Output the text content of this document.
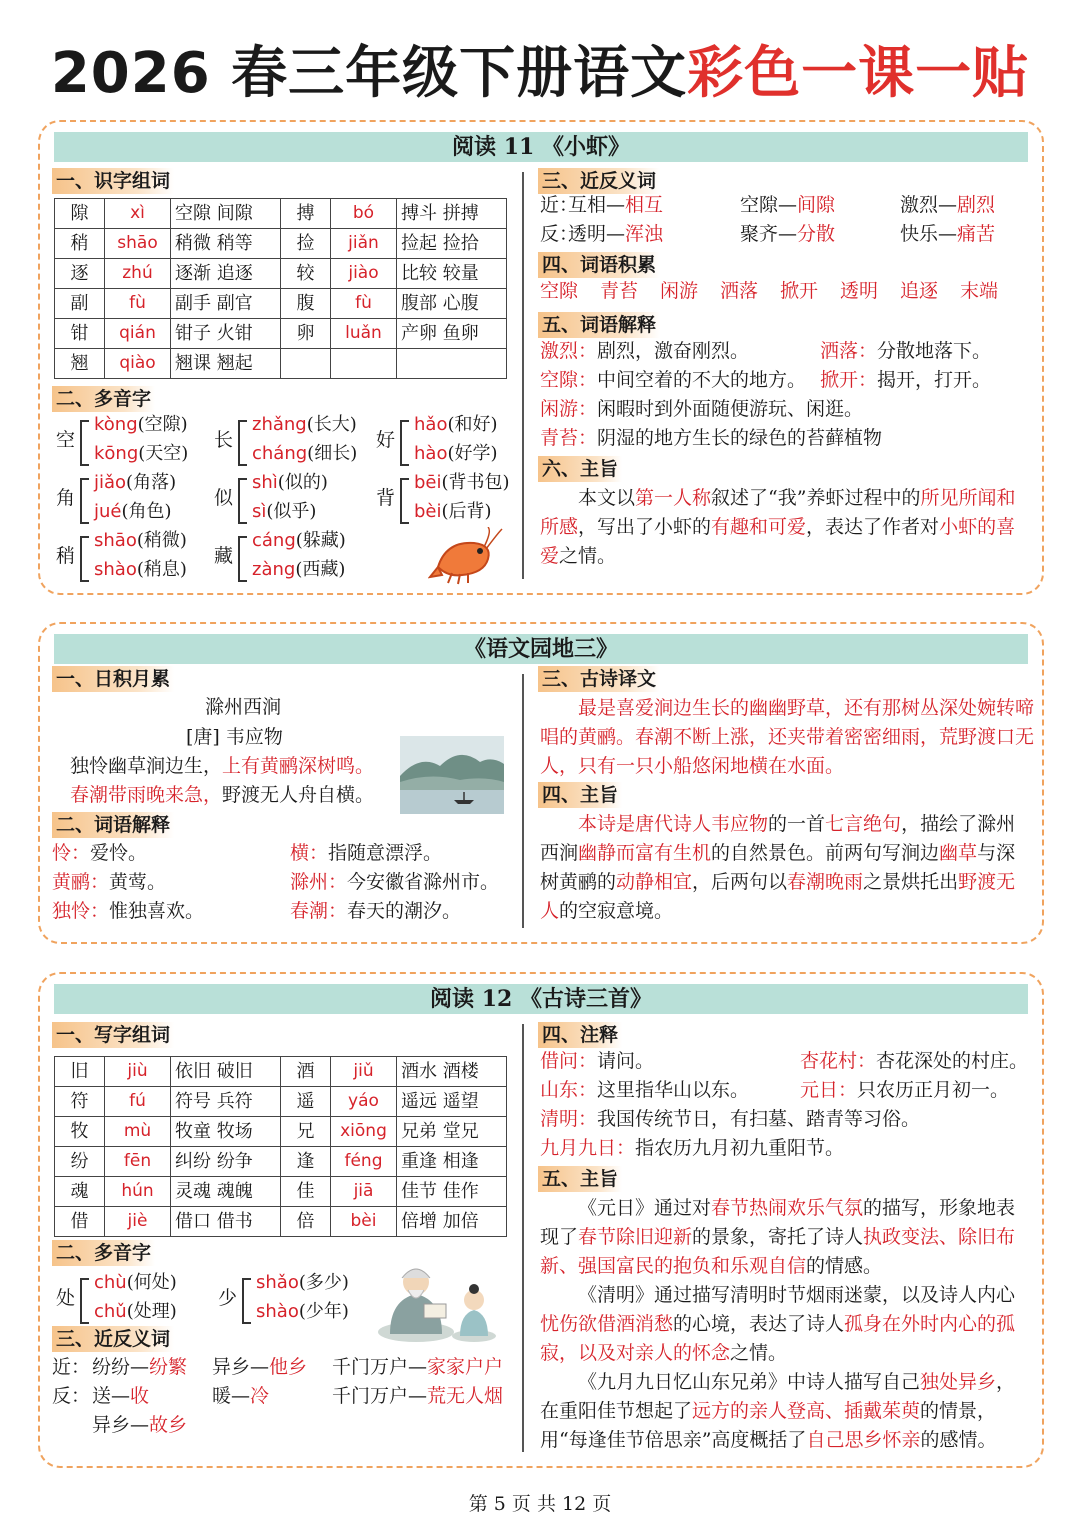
2026 春三年级下册语文彩色一课一贴
阅读 11 《小虾》
一、识字组词
隙	xì	空隙 间隙	搏	bó	搏斗 拼搏
稍	shāo	稍微 稍等	捡	jiǎn	捡起 捡拾
逐	zhú	逐渐 追逐	较	jiào	比较 较量
副	fù	副手 副官	腹	fù	腹部 心腹
钳	qián	钳子 火钳	卵	luǎn	产卵 鱼卵
翘	qiào	翘课 翘起			
二、多音字
空
kòng(空隙)
kōng(天空)
长
zhǎng(长大)
cháng(细长)
好
hǎo(和好)
hào(好学)
角
jiǎo(角落)
jué(角色)
似
shì(似的)
sì(似乎)
背
bēi(背书包)
bèi(后背)
稍
shāo(稍微)
shào(稍息)
藏
cáng(躲藏)
zàng(西藏)
三、近反义词
近：
互相—相互	空隙—间隙	激烈—剧烈
反：
透明—浑浊	聚齐—分散	快乐—痛苦
四、词语积累
空隙 青苔 闲游 洒落 掀开 透明 追逐 末端
五、词语解释
激烈：剧烈，激奋刚烈。	洒落：分散地落下。
空隙：中间空着的不大的地方。 掀开：揭开，打开。
闲游：闲暇时到外面随便游玩、闲逛。
青苔：阴湿的地方生长的绿色的苔藓植物
六、主旨
本文以第一人称叙述了“我”养虾过程中的所见所闻和所感，写出了小虾的有趣和可爱，表达了作者对小虾的喜爱之情。
《语文园地三》
一、日积月累
滁州西涧
[唐] 韦应物
独怜幽草涧边生，上有黄鹂深树鸣。
春潮带雨晚来急，野渡无人舟自横。
二、词语解释
怜：爱怜。	横：指随意漂浮。
黄鹂：黄莺。	滁州：今安徽省滁州市。
独怜：惟独喜欢。	春潮：春天的潮汐。
三、古诗译文
最是喜爱涧边生长的幽幽野草，还有那树丛深处婉转啼唱的黄鹂。春潮不断上涨，还夹带着密密细雨，荒野渡口无人，只有一只小船悠闲地横在水面。
四、主旨
本诗是唐代诗人韦应物的一首七言绝句，描绘了滁州西涧幽静而富有生机的自然景色。前两句写涧边幽草与深树黄鹂的动静相宜，后两句以春潮晚雨之景烘托出野渡无人的空寂意境。
阅读 12 《古诗三首》
一、写字组词
旧	jiù	依旧 破旧	酒	jiǔ	酒水 酒楼
符	fú	符号 兵符	遥	yáo	遥远 遥望
牧	mù	牧童 牧场	兄	xiōng	兄弟 堂兄
纷	fēn	纠纷 纷争	逢	féng	重逢 相逢
魂	hún	灵魂 魂魄	佳	jiā	佳节 佳作
借	jiè	借口 借书	倍	bèi	倍增 加倍
二、多音字
处
chù(何处)
chǔ(处理)
少
shǎo(多少)
shào(少年)
三、近反义词
近： 纷纷—纷繁 异乡—他乡 千门万户—家家户户
反： 送—收	暖—冷	千门万户—荒无人烟
异乡—故乡
四、注释
借问：请问。	杏花村：杏花深处的村庄。
山东：这里指华山以东。	元日：只农历正月初一。
清明：我国传统节日，有扫墓、踏青等习俗。
九月九日：指农历九月初九重阳节。
五、主旨
《元日》通过对春节热闹欢乐气氛的描写，形象地表现了春节除旧迎新的景象，寄托了诗人执政变法、除旧布新、强国富民的抱负和乐观自信的情感。
《清明》通过描写清明时节烟雨迷蒙，以及诗人内心忧伤欲借酒消愁的心境，表达了诗人孤身在外时内心的孤寂，以及对亲人的怀念之情。
《九月九日忆山东兄弟》中诗人描写自己独处异乡，在重阳佳节想起了远方的亲人登高、插戴茱萸的情景，用“每逢佳节倍思亲”高度概括了自己思乡怀亲的感情。
第 5 页 共 12 页
